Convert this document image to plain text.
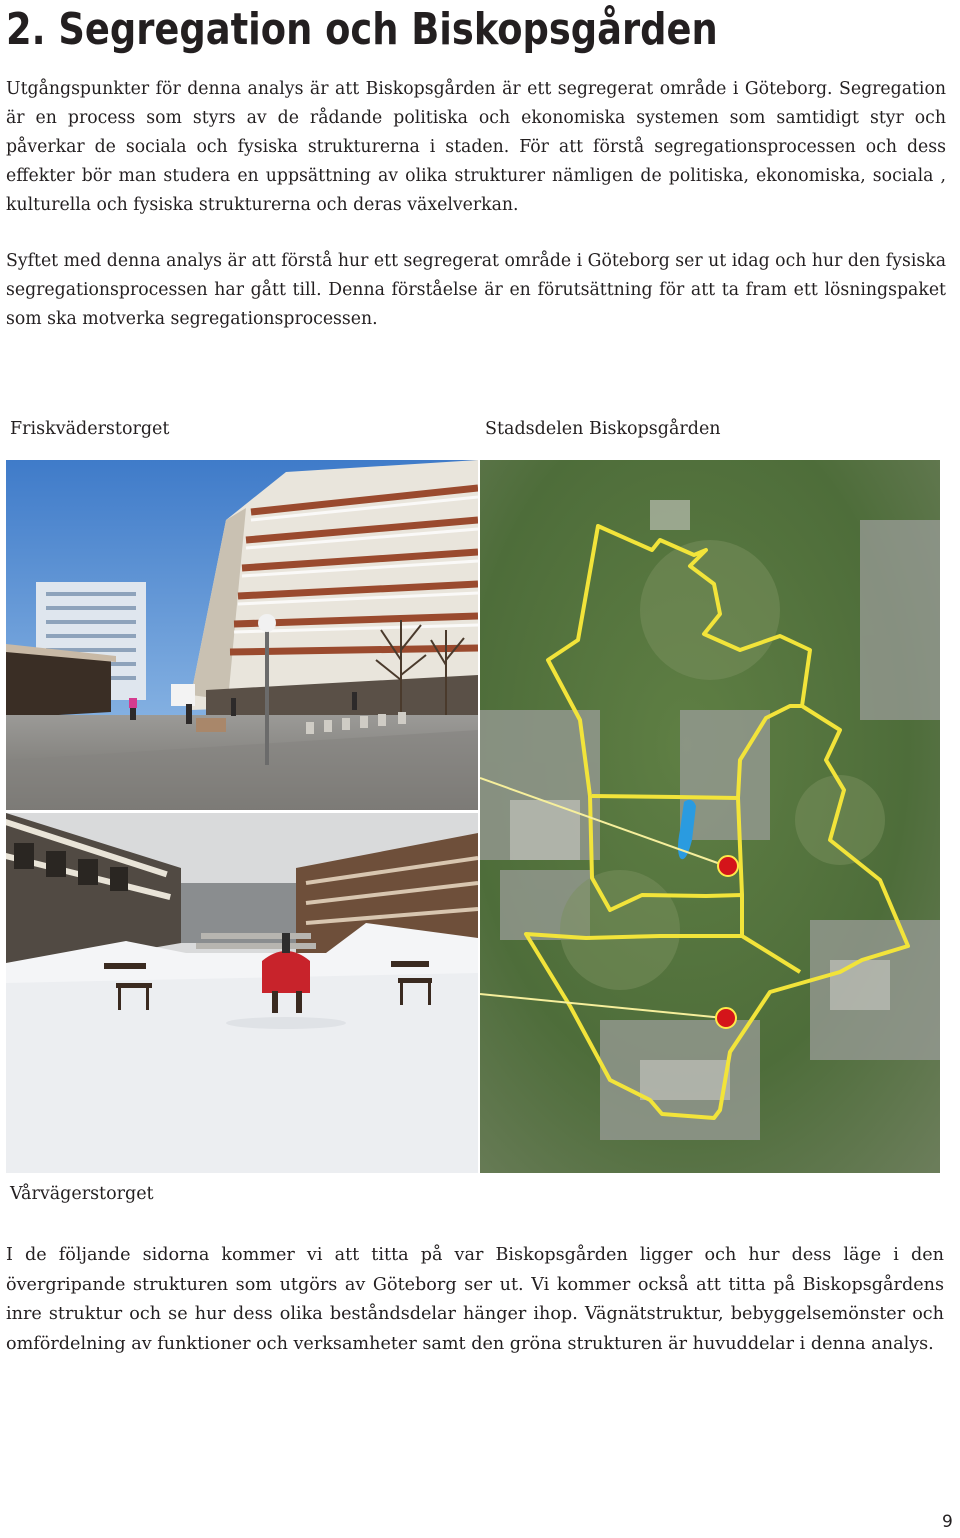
2. Segregation och Biskopsgården

Utgångspunkter för denna analys är att Biskopsgården är ett segregerat område i Göteborg. Segregation är en process som styrs av de rådande politiska och ekonomiska systemen som samtidigt styr och påverkar de sociala och fysiska strukturerna i staden. För att förstå segregationsprocessen och dess effekter bör man studera en uppsättning av olika strukturer nämligen de politiska, ekonomiska, sociala , kulturella och fysiska strukturerna och deras växelverkan.

Syftet med denna analys är att förstå hur ett segregerat område i Göteborg ser ut idag och hur den fysiska segregationsprocessen har gått till. Denna förståelse är en förutsättning för att ta fram ett lösningspaket som ska motverka segregationsprocessen.

Friskväderstorget	Stadsdelen Biskopsgården
Vårvägerstorget

I de följande sidorna kommer vi att titta på var Biskopsgården ligger och hur dess läge i den övergripande strukturen som utgörs av Göteborg ser ut. Vi kommer också att titta på Biskopsgårdens inre struktur och se hur dess olika beståndsdelar hänger ihop. Vägnätstruktur, bebyggelsemönster och omfördelning av funktioner och verksamheter samt den gröna strukturen är huvuddelar i denna analys.

9
